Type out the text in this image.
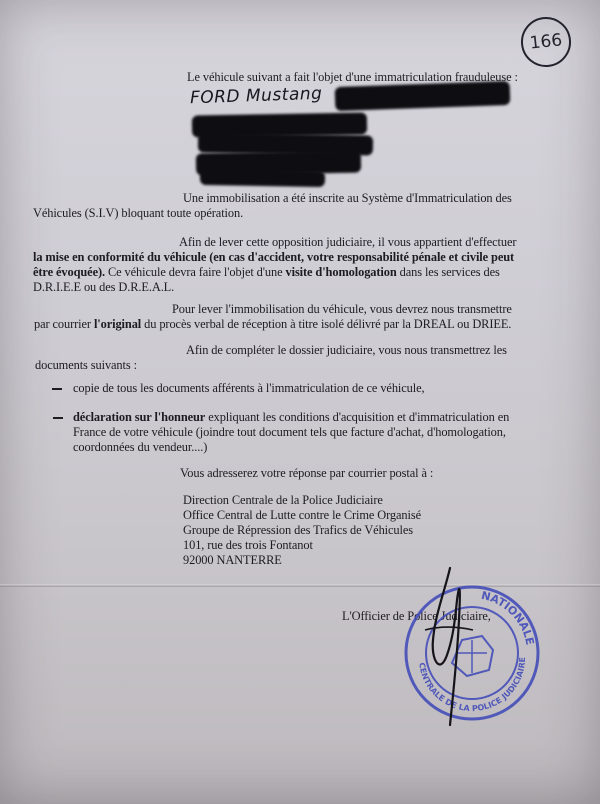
166
Le véhicule suivant a fait l'objet d'une immatriculation frauduleuse :
FORD Mustang
Une immobilisation a été inscrite au Système d'Immatriculation des
Véhicules (S.I.V) bloquant toute opération.
Afin de lever cette opposition judiciaire, il vous appartient d'effectuer
la mise en conformité du véhicule (en cas d'accident, votre responsabilité pénale et civile peut
être évoquée). Ce véhicule devra faire l'objet d'une visite d'homologation dans les services des
D.R.I.E.E ou des D.R.E.A.L.
Pour lever l'immobilisation du véhicule, vous devrez nous transmettre
par courrier l'original du procès verbal de réception à titre isolé délivré par la DREAL ou DRIEE.
Afin de compléter le dossier judiciaire, vous nous transmettrez les
documents suivants :
copie de tous les documents afférents à l'immatriculation de ce véhicule,
déclaration sur l'honneur expliquant les conditions d'acquisition et d'immatriculation en
France de votre véhicule (joindre tout document tels que facture d'achat, d'homologation,
coordonnées du vendeur....)
Vous adresserez votre réponse par courrier postal à :
Direction Centrale de la Police Judiciaire
Office Central de Lutte contre le Crime Organisé
Groupe de Répression des Trafics de Véhicules
101, rue des trois Fontanot
92000 NANTERRE
L'Officier de Police Judiciaire,
NATIONALE
CENTRALE DE LA POLICE JUDICIAIRE
